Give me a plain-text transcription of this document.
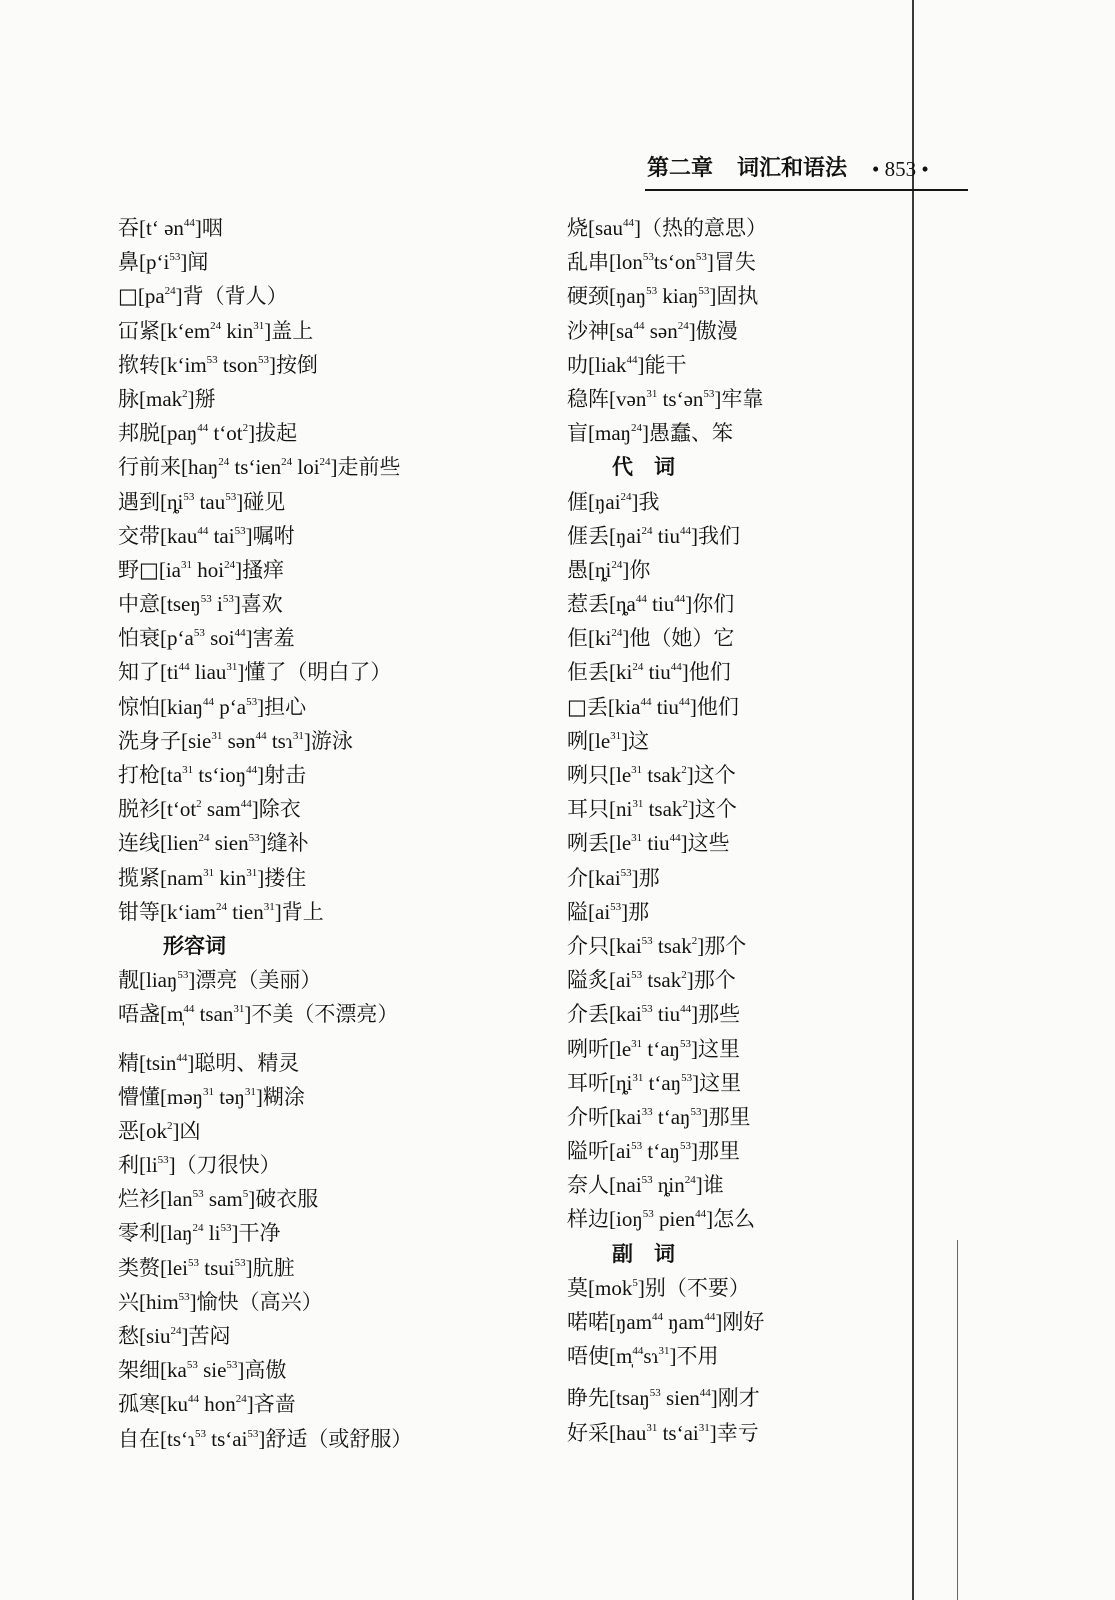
第二章 词汇和语法 • 853 •
吞[t‘ ən$^{44}$]咽
鼻$[p‘i^{53}]$闻
$□[pa^{24}]$背（背人）
冚紧[$k‘em^{24}$ kin$^{31}$]盖上
揿转[$k‘im^{53}$ tson$^{53}$]按倒
脉[mak$^2$]掰
邦脱[paŋ$^{44}$ $t‘ot^2$]拔起
行前来[haŋ$^{24}$ ts‘ien$^{24}$ loi$^{24}$]走前些
遇到[$ȵi^{53}$ tau$^{53}$]碰见
交带[kau$^{44}$ tai$^{53}$]嘱咐
野$□[ia^{31}$ hoi$^{24}$]搔痒
中意[tseŋ$^{53}$ $i^{53}$]喜欢
怕衰[$p‘a^{53}$ soi$^{44}$]害羞
知了[$ti^{44}$ liau$^{31}$]懂了（明白了）
惊怕[kiaŋ$^{44}$ $p‘a^{53}$]担心
洗身子[sie$^{31}$ sən$^{44}$ tsɿ$^{31}$]游泳
打枪[$ta^{31}$ ts‘ioŋ$^{44}$]射击
脱衫[$t‘ot^2$ sam$^{44}$]除衣
连线[lien$^{24}$ sien$^{53}$]缝补
揽紧[nam$^{31}$ kin$^{31}$]搂住
钳等[k‘iam$^{24}$ tien$^{31}$]背上
形容词
靓[liaŋ$^{53}$]漂亮（美丽）
唔盏[m̩$^{44}$ tsan$^{31}$]不美（不漂亮）
精[tsin$^{44}$]聪明、精灵
懵懂[məŋ$^{31}$ təŋ$^{31}$]糊涂
恶$[ok^2]$凶
利$[li^{53}]$（刀很快）
烂衫[lan$^{53}$ sam$^5$]破衣服
零利[laŋ$^{24}$ $li^{53}$]干净
类赘[lei$^{53}$ tsui$^{53}$]肮脏
兴[him$^{53}$]愉快（高兴）
愁[siu$^{24}$]苦闷
架细[$ka^{53}$ sie$^{53}$]高傲
孤寒[$ku^{44}$ hon$^{24}$]吝啬
自在[ts‘ɿ$^{53}$ $ts‘ai^{53}$]舒适（或舒服）
烧[sau$^{44}$]（热的意思）
乱串$[lon^{53}ts‘on^{53}]$冒失
硬颈[ŋaŋ$^{53}$ kiaŋ$^{53}$]固执
沙神[$sa^{44}$ sən$^{24}$]傲漫
叻[liak$^{44}$]能干
稳阵[vən$^{31}$ ts‘ən$^{53}$]牢靠
盲[maŋ$^{24}$]愚蠢、笨
代　词
𠊎[ŋai$^{24}$]我
𠊎丢[ŋai$^{24}$ tiu$^{44}$]我们
愚$[ȵi^{24}]$你
惹丢[$ȵa^{44}$ tiu$^{44}$]你们
佢$[ki^{24}]$他（她）它
佢丢[$ki^{24}$ tiu$^{44}$]他们
□丢[kia$^{44}$ tiu$^{44}$]他们
咧$[le^{31}]$这
咧只[$le^{31}$ tsak$^2$]这个
耳只[$ni^{31}$ tsak$^2$]这个
咧丢[$le^{31}$ tiu$^{44}$]这些
介[kai$^{53}$]那
隘$[ai^{53}]$那
介只[kai$^{53}$ tsak$^2$]那个
隘炙[$ai^{53}$ tsak$^2$]那个
介丢[kai$^{53}$ tiu$^{44}$]那些
咧听[$le^{31}$ $t‘aŋ^{53}$]这里
耳听[$ȵi^{31}$ $t‘aŋ^{53}$]这里
介听[kai$^{33}$ $t‘aŋ^{53}$]那里
隘听[$ai^{53}$ $t‘aŋ^{53}$]那里
奈人[nai$^{53}$ ȵin$^{24}$]谁
样边[ioŋ$^{53}$ pien$^{44}$]怎么
副　词
莫[mok$^5$]别（不要）
喏喏[ŋam$^{44}$ ŋam$^{44}$]刚好
唔使[m̩$^{44}$sɿ$^{31}$]不用
睁先[tsaŋ$^{53}$ sien$^{44}$]刚才
好采[hau$^{31}$ $ts‘ai^{31}$]幸亏
